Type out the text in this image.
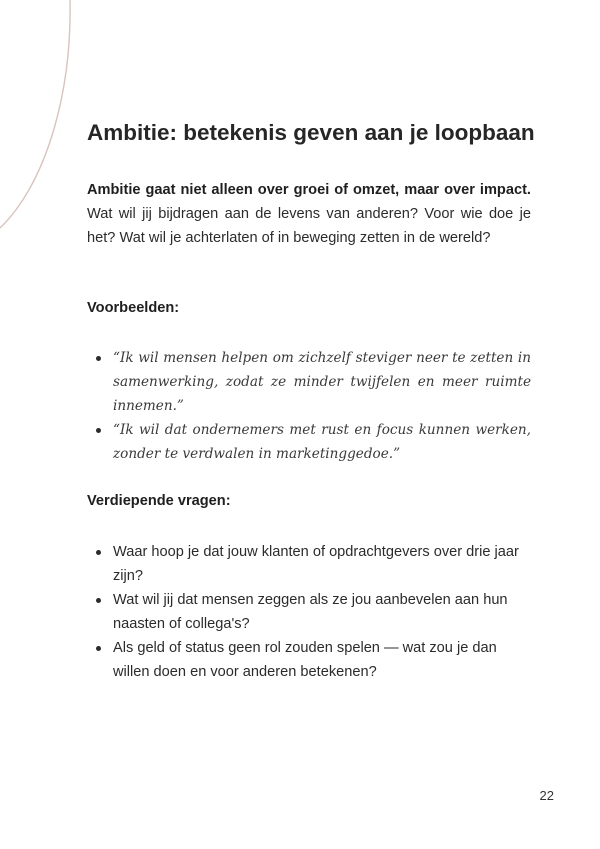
Ambitie: betekenis geven aan je loopbaan

Ambitie gaat niet alleen over groei of omzet, maar over impact. Wat wil jij bijdragen aan de levens van anderen? Voor wie doe je het? Wat wil je achterlaten of in beweging zetten in de wereld?

Voorbeelden:
“Ik wil mensen helpen om zichzelf steviger neer te zetten in samenwerking, zodat ze minder twijfelen en meer ruimte innemen.”
“Ik wil dat ondernemers met rust en focus kunnen werken, zonder te verdwalen in marketinggedoe.”
Verdiepende vragen:
Waar hoop je dat jouw klanten of opdrachtgevers over drie jaar zijn?
Wat wil jij dat mensen zeggen als ze jou aanbevelen aan hun naasten of collega's?
Als geld of status geen rol zouden spelen — wat zou je dan willen doen en voor anderen betekenen?
22
